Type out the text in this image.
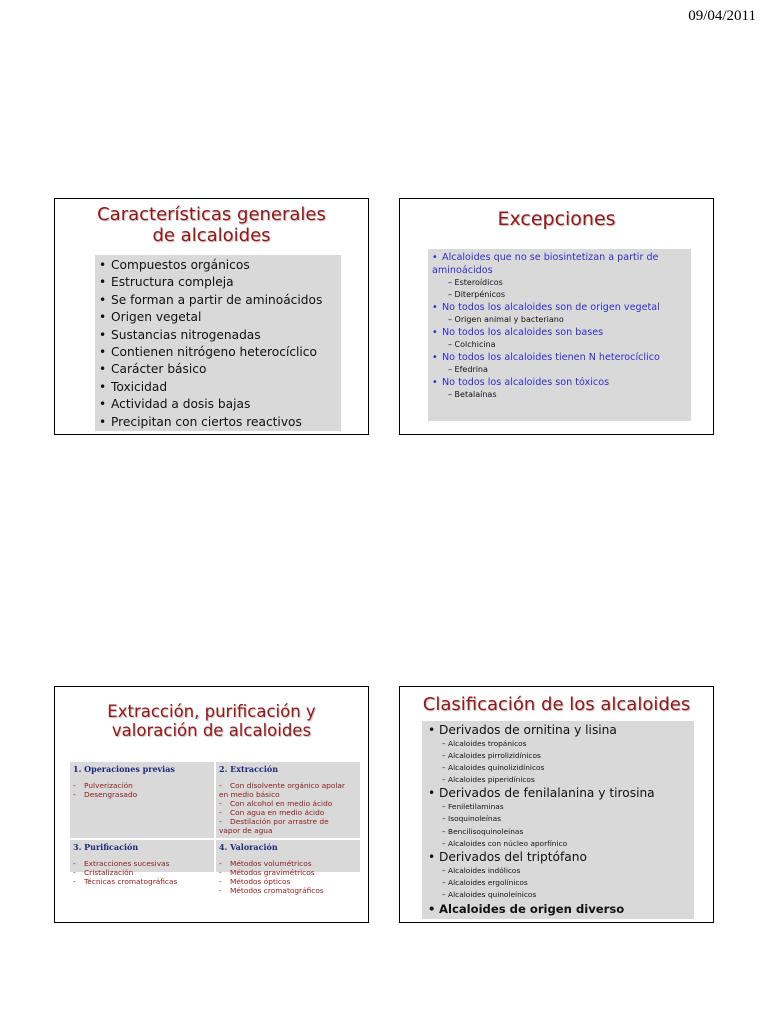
09/04/2011
Características generales
de alcaloides
• Compuestos orgánicos
• Estructura compleja
• Se forman a partir de aminoácidos
• Origen vegetal
• Sustancias nitrogenadas
• Contienen nitrógeno heterocíclico
• Carácter básico
• Toxicidad
• Actividad a dosis bajas
• Precipitan con ciertos reactivos
Excepciones
• Alcaloides que no se biosintetizan a partir de
aminoácidos
– Esteroídicos
– Diterpénicos
• No todos los alcaloides son de origen vegetal
– Origen animal y bacteriano
• No todos los alcaloides son bases
– Colchicina
• No todos los alcaloides tienen N heterocíclico
– Efedrina
• No todos los alcaloides son tóxicos
– Betalaínas
Extracción, purificación y
valoración de alcaloides
1. Operaciones previas
- Pulverización
- Desengrasado
2. Extracción
- Con disolvente orgánico apolar
en medio básico
- Con alcohol en medio ácido
- Con agua en medio ácido
- Destilación por arrastre de
vapor de agua
3. Purificación
- Extracciones sucesivas
- Cristalización
- Técnicas cromatográficas
4. Valoración
- Métodos volumétricos
- Métodos gravimétricos
- Métodos ópticos
- Métodos cromatográficos
Clasificación de los alcaloides
• Derivados de ornitina y lisina
– Alcaloides tropánicos
– Alcaloides pirrolizidínicos
– Alcaloides quinolizidínicos
– Alcaloides piperidínicos
• Derivados de fenilalanina y tirosina
– Feniletilaminas
– Isoquinoleínas
– Bencilisoquinoleínas
– Alcaloides con núcleo aporfínico
• Derivados del triptófano
– Alcaloides indólicos
– Alcaloides ergolínicos
– Alcaloides quinoleínicos
• Alcaloides de origen diverso
